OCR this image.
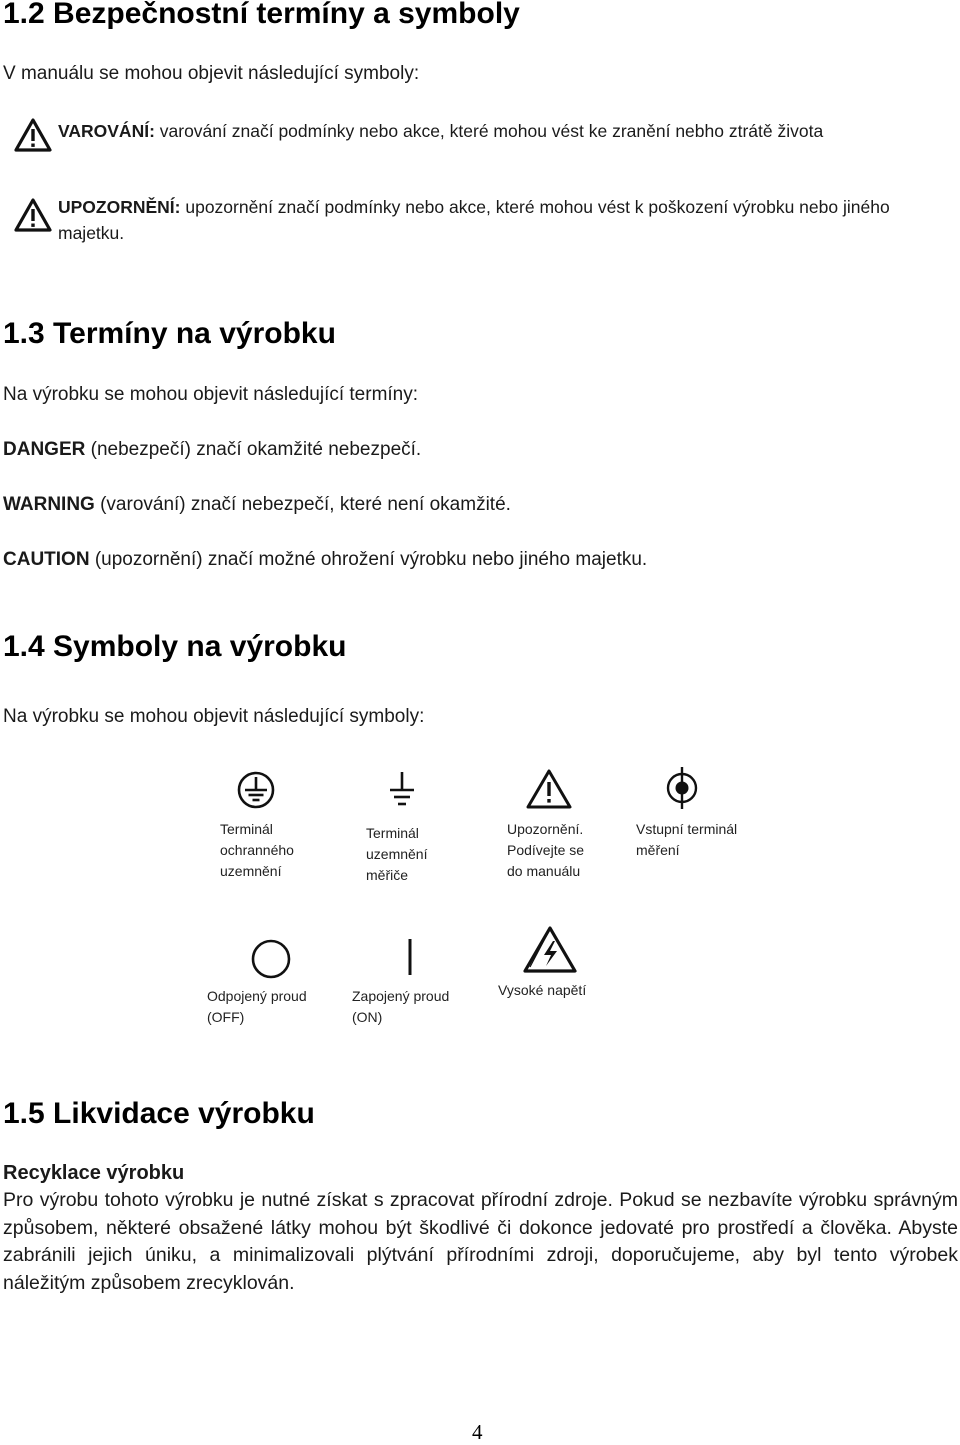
1.2 Bezpečnostní termíny a symboly

V manuálu se mohou objevit následující symboly:

VAROVÁNÍ: varování značí podmínky nebo akce, které mohou vést ke zranění nebho ztrátě života
UPOZORNĚNÍ: upozornění značí podmínky nebo akce, které mohou vést k poškození výrobku nebo jiného majetku.
1.3 Termíny na výrobku

Na výrobku se mohou objevit následující termíny:

DANGER (nebezpečí) značí okamžité nebezpečí.

WARNING (varování) značí nebezpečí, které není okamžité.

CAUTION (upozornění) značí možné ohrožení výrobku nebo jiného majetku.

1.4 Symboly na výrobku

Na výrobku se mohou objevit následující symboly:

Terminál
ochranného
uzemnění
Terminál
uzemnění
měřiče
Upozornění.
Podívejte se
do manuálu
Vstupní terminál
měření
Odpojený proud
(OFF)
Zapojený proud
(ON)
Vysoké napětí
1.5 Likvidace výrobku

Recyklace výrobku

Pro výrobu tohoto výrobku je nutné získat s zpracovat přírodní zdroje. Pokud se nezbavíte výrobku správným způsobem, některé obsažené látky mohou být škodlivé či dokonce jedovaté pro prostředí a člověka. Abyste zabránili jejich úniku, a minimalizovali plýtvání přírodními zdroji, doporučujeme, aby byl tento výrobek náležitým způsobem zrecyklován.

4
